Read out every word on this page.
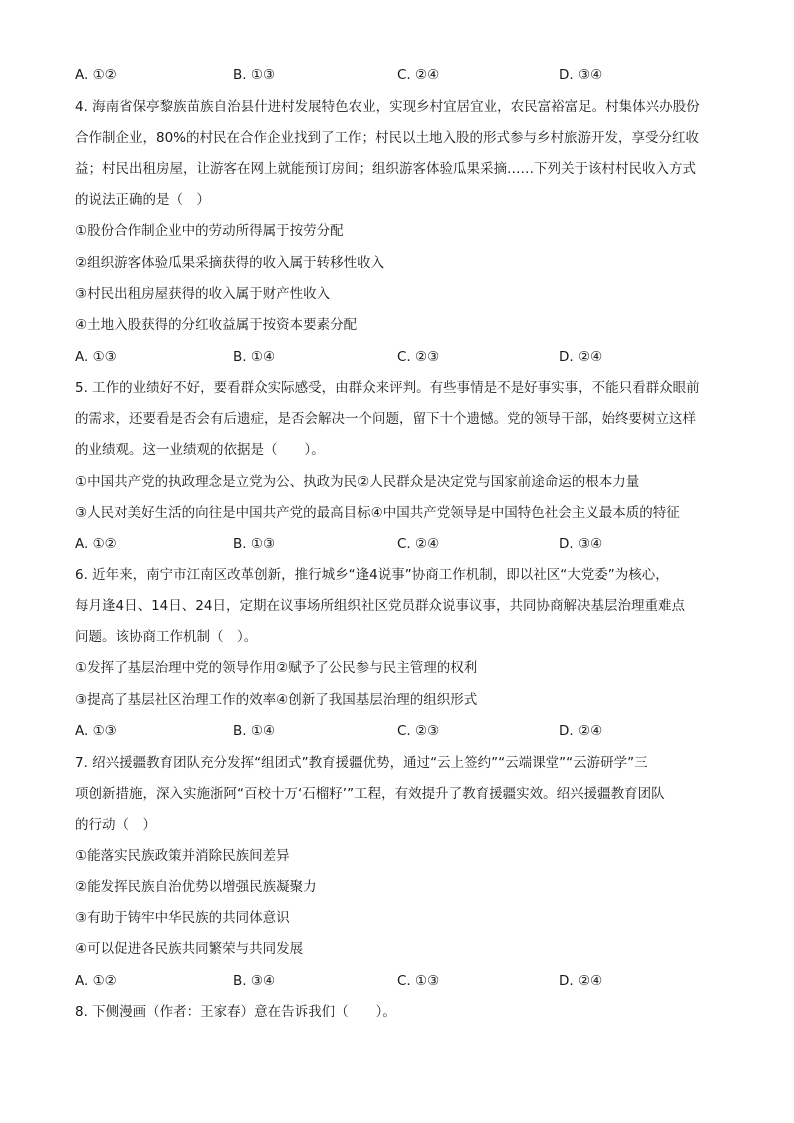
A. ①②	B. ①③	C. ②④	D. ③④
4. 海南省保亭黎族苗族自治县什进村发展特色农业，实现乡村宜居宜业，农民富裕富足。村集体兴办股份
合作制企业，80%的村民在合作企业找到了工作；村民以土地入股的形式参与乡村旅游开发，享受分红收
益；村民出租房屋，让游客在网上就能预订房间；组织游客体验瓜果采摘……下列关于该村村民收入方式
的说法正确的是（　）
①股份合作制企业中的劳动所得属于按劳分配
②组织游客体验瓜果采摘获得的收入属于转移性收入
③村民出租房屋获得的收入属于财产性收入
④土地入股获得的分红收益属于按资本要素分配
A. ①③	B. ①④	C. ②③	D. ②④
5. 工作的业绩好不好，要看群众实际感受，由群众来评判。有些事情是不是好事实事，不能只看群众眼前
的需求，还要看是否会有后遗症，是否会解决一个问题，留下十个遗憾。党的领导干部，始终要树立这样
的业绩观。这一业绩观的依据是（　　）。
①中国共产党的执政理念是立党为公、执政为民②人民群众是决定党与国家前途命运的根本力量
③人民对美好生活的向往是中国共产党的最高目标④中国共产党领导是中国特色社会主义最本质的特征
A. ①②	B. ①③	C. ②④	D. ③④
6. 近年来，南宁市江南区改革创新，推行城乡“逢4说事”协商工作机制，即以社区“大党委”为核心，
每月逢4日、14日、24日，定期在议事场所组织社区党员群众说事议事，共同协商解决基层治理重难点
问题。该协商工作机制（　）。
①发挥了基层治理中党的领导作用②赋予了公民参与民主管理的权利
③提高了基层社区治理工作的效率④创新了我国基层治理的组织形式
A. ①③	B. ①④	C. ②③	D. ②④
7. 绍兴援疆教育团队充分发挥“组团式”教育援疆优势，通过“云上签约”“云端课堂”“云游研学”三
项创新措施，深入实施浙阿“百校十万‘石榴籽’”工程，有效提升了教育援疆实效。绍兴援疆教育团队
的行动（　）
①能落实民族政策并消除民族间差异
②能发挥民族自治优势以增强民族凝聚力
③有助于铸牢中华民族的共同体意识
④可以促进各民族共同繁荣与共同发展
A. ①②	B. ③④	C. ①③	D. ②④
8. 下侧漫画（作者：王家春）意在告诉我们（　　）。
